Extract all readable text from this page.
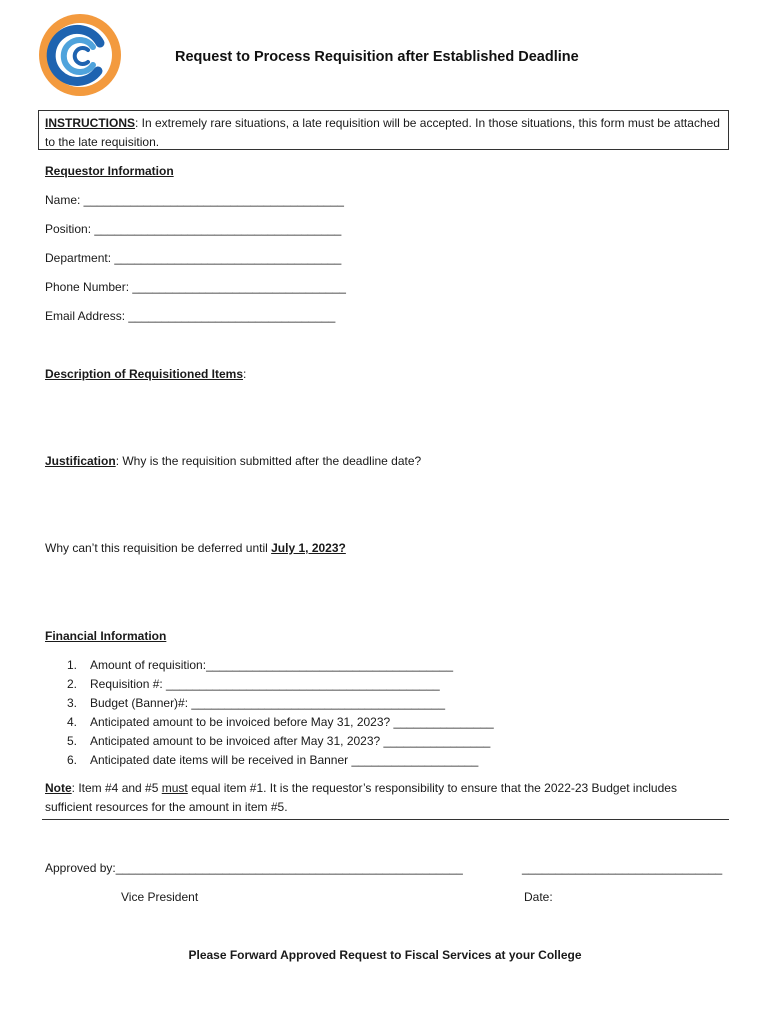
Request to Process Requisition after Established Deadline
INSTRUCTIONS: In extremely rare situations, a late requisition will be accepted. In those situations, this form must be attached to the late requisition.
Requestor Information
Name: _______________________________________
Position: _____________________________________
Department: __________________________________
Phone Number: ________________________________
Email Address: _______________________________
Description of Requisitioned Items:
Justification: Why is the requisition submitted after the deadline date?
Why can’t this requisition be deferred until July 1, 2023?
Financial Information
1. Amount of requisition:_____________________________________
2. Requisition #: _________________________________________
3. Budget (Banner)#: ______________________________________
4. Anticipated amount to be invoiced before May 31, 2023? _______________
5. Anticipated amount to be invoiced after May 31, 2023? ________________
6. Anticipated date items will be received in Banner ___________________
Note: Item #4 and #5 must equal item #1. It is the requestor’s responsibility to ensure that the 2022-23 Budget includes
sufficient resources for the amount in item #5.
Approved by:____________________________________________________	______________________________
Vice President	Date:
Please Forward Approved Request to Fiscal Services at your College
